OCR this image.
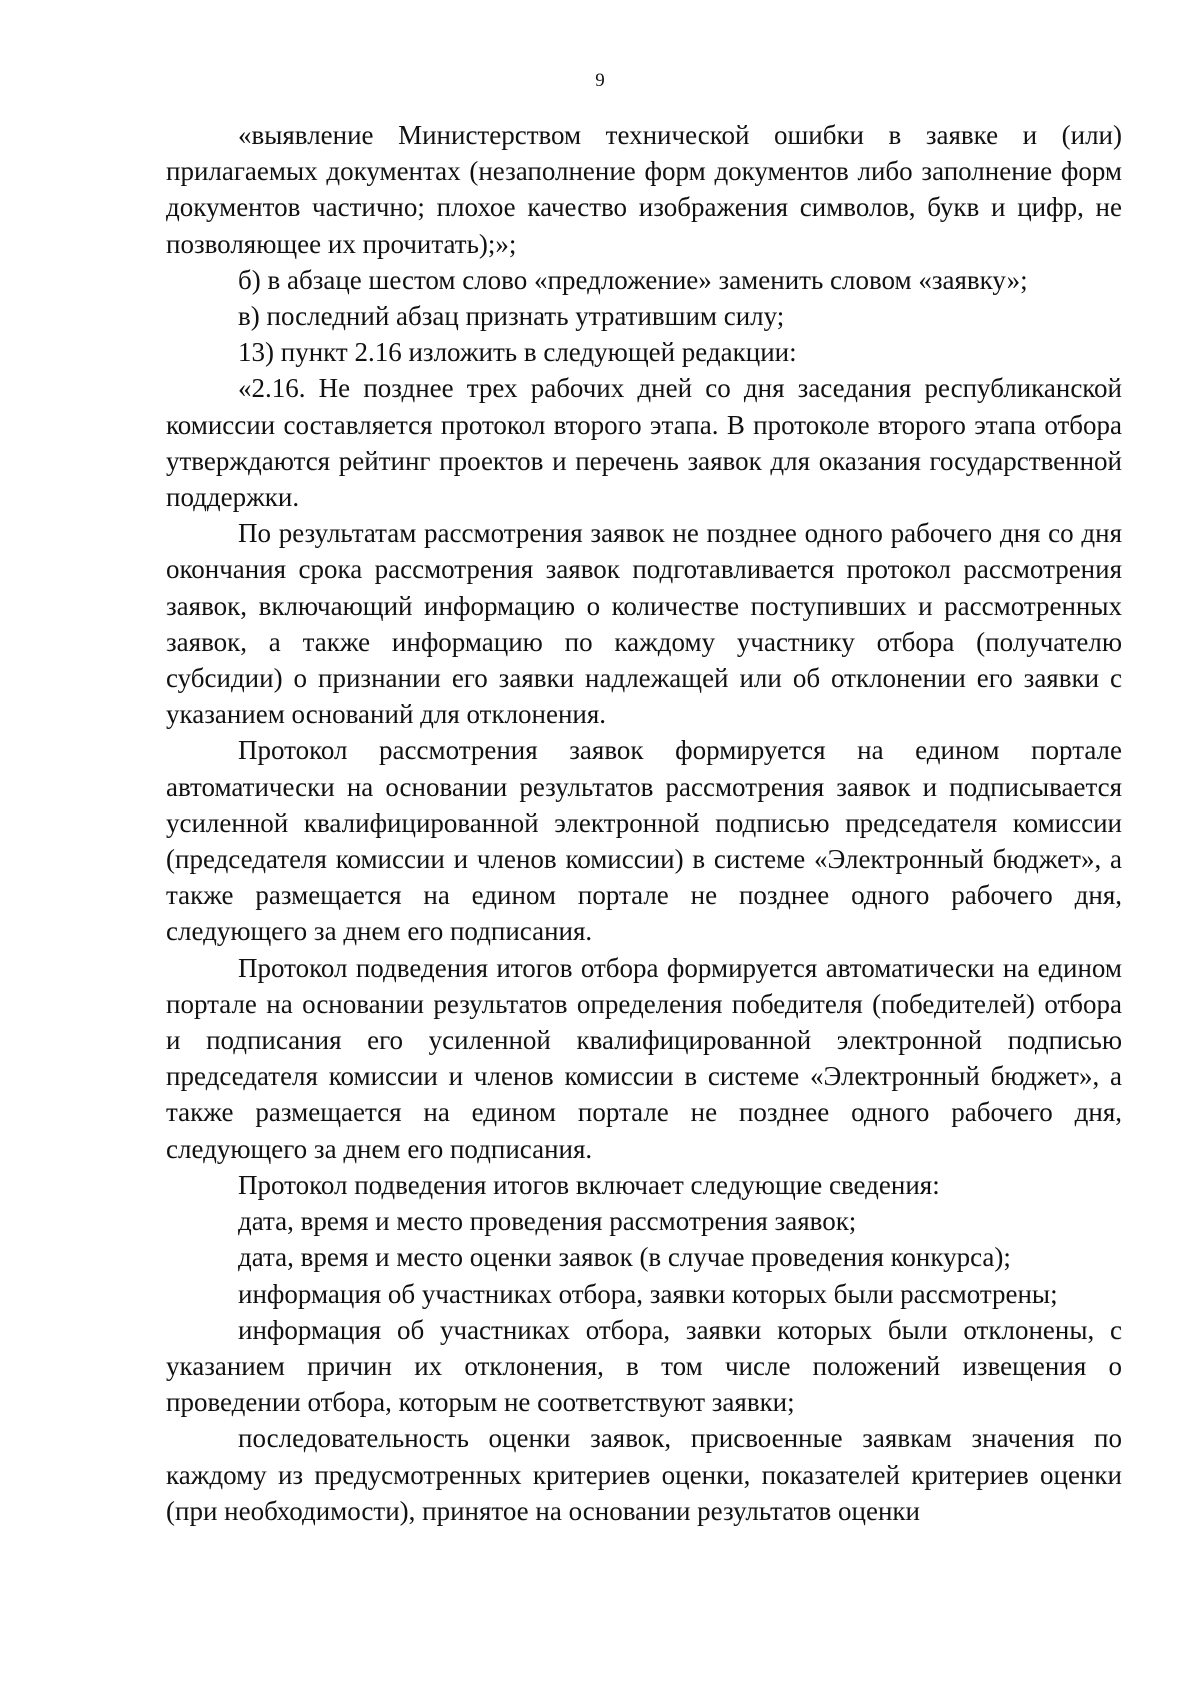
9

«выявление Министерством технической ошибки в заявке и (или) прилагаемых документах (незаполнение форм документов либо заполнение форм документов частично; плохое качество изображения символов, букв и цифр, не позволяющее их прочитать);»;

б) в абзаце шестом слово «предложение» заменить словом «заявку»;

в) последний абзац признать утратившим силу;

13) пункт 2.16 изложить в следующей редакции:

«2.16. Не позднее трех рабочих дней со дня заседания республиканской комиссии составляется протокол второго этапа. В протоколе второго этапа отбора утверждаются рейтинг проектов и перечень заявок для оказания государственной поддержки.

По результатам рассмотрения заявок не позднее одного рабочего дня со дня окончания срока рассмотрения заявок подготавливается протокол рассмотрения заявок, включающий информацию о количестве поступивших и рассмотренных заявок, а также информацию по каждому участнику отбора (получателю субсидии) о признании его заявки надлежащей или об отклонении его заявки с указанием оснований для отклонения.

Протокол рассмотрения заявок формируется на едином портале автоматически на основании результатов рассмотрения заявок и подписывается усиленной квалифицированной электронной подписью председателя комиссии (председателя комиссии и членов комиссии) в системе «Электронный бюджет», а также размещается на едином портале не позднее одного рабочего дня, следующего за днем его подписания.

Протокол подведения итогов отбора формируется автоматически на едином портале на основании результатов определения победителя (победителей) отбора и подписания его усиленной квалифицированной электронной подписью председателя комиссии и членов комиссии в системе «Электронный бюджет», а также размещается на едином портале не позднее одного рабочего дня, следующего за днем его подписания.

Протокол подведения итогов включает следующие сведения:

дата, время и место проведения рассмотрения заявок;

дата, время и место оценки заявок (в случае проведения конкурса);

информация об участниках отбора, заявки которых были рассмотрены;

информация об участниках отбора, заявки которых были отклонены, с указанием причин их отклонения, в том числе положений извещения о проведении отбора, которым не соответствуют заявки;

последовательность оценки заявок, присвоенные заявкам значения по каждому из предусмотренных критериев оценки, показателей критериев оценки (при необходимости), принятое на основании результатов оценки
